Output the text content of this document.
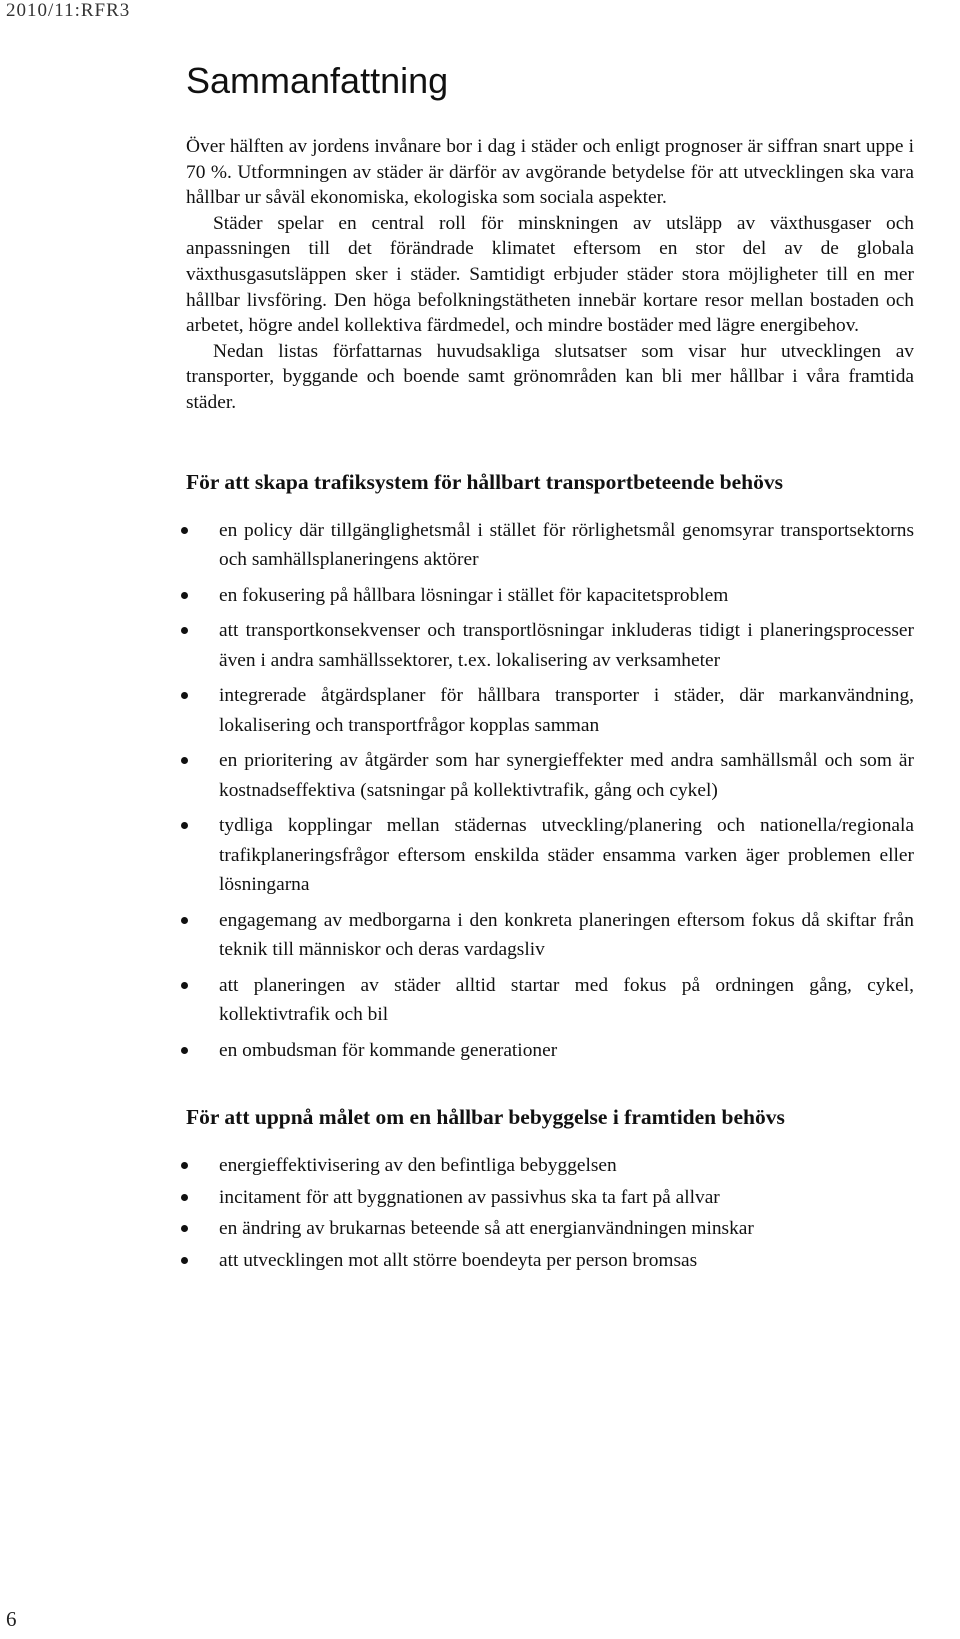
2010/11:RFR3
Sammanfattning

Över hälften av jordens invånare bor i dag i städer och enligt prognoser är siffran snart uppe i 70 %. Utformningen av städer är därför av avgörande betydelse för att utvecklingen ska vara hållbar ur såväl ekonomiska, ekologiska som sociala aspekter.

Städer spelar en central roll för minskningen av utsläpp av växthusgaser och anpassningen till det förändrade klimatet eftersom en stor del av de globala växthusgasutsläppen sker i städer. Samtidigt erbjuder städer stora möjligheter till en mer hållbar livsföring. Den höga befolkningstätheten innebär kortare resor mellan bostaden och arbetet, högre andel kollektiva färdmedel, och mindre bostäder med lägre energibehov.

Nedan listas författarnas huvudsakliga slutsatser som visar hur utvecklingen av transporter, byggande och boende samt grönområden kan bli mer hållbar i våra framtida städer.

För att skapa trafiksystem för hållbart transportbeteende behövs
en policy där tillgänglighetsmål i stället för rörlighetsmål genomsyrar transportsektorns och samhällsplaneringens aktörer
en fokusering på hållbara lösningar i stället för kapacitetsproblem
att transportkonsekvenser och transportlösningar inkluderas tidigt i planeringsprocesser även i andra samhällssektorer, t.ex. lokalisering av verksamheter
integrerade åtgärdsplaner för hållbara transporter i städer, där markanvändning, lokalisering och transportfrågor kopplas samman
en prioritering av åtgärder som har synergieffekter med andra samhällsmål och som är kostnadseffektiva (satsningar på kollektivtrafik, gång och cykel)
tydliga kopplingar mellan städernas utveckling/planering och nationella/regionala trafikplaneringsfrågor eftersom enskilda städer ensamma varken äger problemen eller lösningarna
engagemang av medborgarna i den konkreta planeringen eftersom fokus då skiftar från teknik till människor och deras vardagsliv
att planeringen av städer alltid startar med fokus på ordningen gång, cykel, kollektivtrafik och bil
en ombudsman för kommande generationer
För att uppnå målet om en hållbar bebyggelse i framtiden behövs
energieffektivisering av den befintliga bebyggelsen
incitament för att byggnationen av passivhus ska ta fart på allvar
en ändring av brukarnas beteende så att energianvändningen minskar
att utvecklingen mot allt större boendeyta per person bromsas
6
